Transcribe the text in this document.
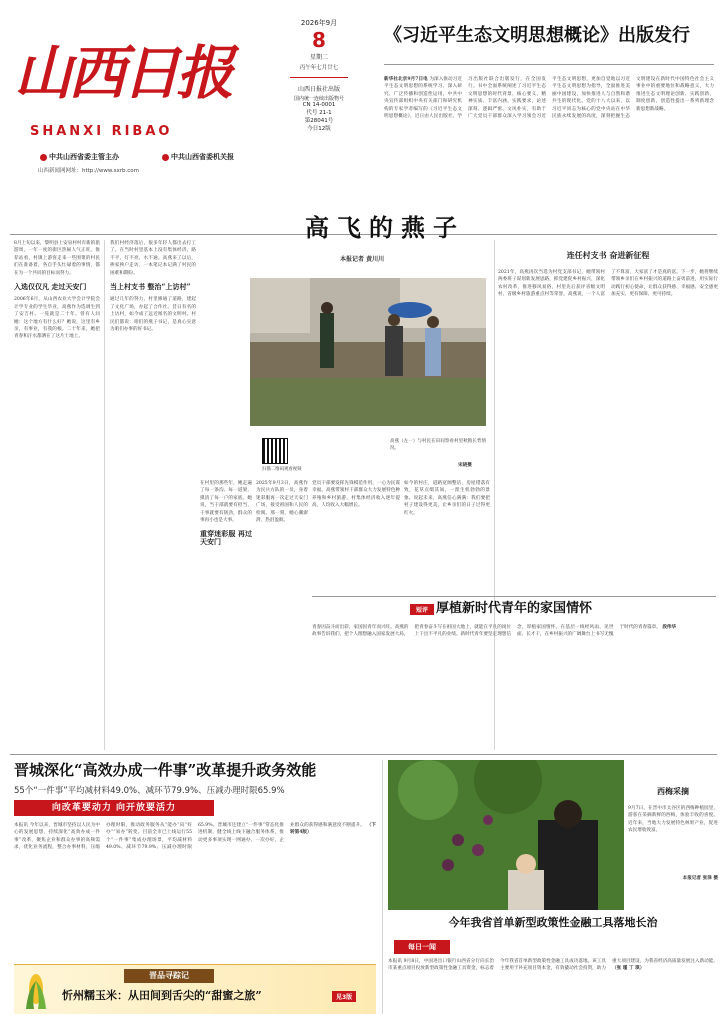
山西日报
SHANXI RIBAO
中共山西省委主管主办	中共山西省委机关报
山西新闻网网址：http://www.sxrb.com
2026年9月
8
星期二
丙午年七月廿七
山西日报社出版
国内统一连续出版物号
CN 14-0001
代号 21-1
第28041号
今日12版
《习近平生态文明思想概论》出版发行
新华社北京9月7日电 为深入推动习近平生态文明思想的系统学习、深入研究、广泛传播和创造性运用，中共中央宣传部组织中央有关部门和研究机构的专家学者编写的《习近平生态文明思想概论》，近日由人民出版社、学习出版社联合出版发行，在全国发行。书中全面系统阐述了习近平生态文明思想的时代背景、核心要义、精神实质、丰富内涵、实践要求，论述深刻、逻辑严密、文风朴实，有助于广大党员干部群众深入学习领会习近平生态文明思想，更加自觉地以习近平生态文明思想为指导，全面推进美丽中国建设，加快推进人与自然和谐共生的现代化。党的十八大以来，以习近平同志为核心的党中央站在中华民族永续发展的高度，深刻把握生态文明建设在新时代中国特色社会主义事业中的重要地位和战略意义，大力推进生态文明理论创新、实践创新、制度创新，创造性提出一系列新理念新思想新战略。
8月上旬以来，黎明县上安泉村村有新的旅游周，一年一度的街区热闹人气正旺。推荐站看，村镇上游客走来一些围菜的村民们在准备着，各自手头忙碌着的事情，都在为一个共同的目标而努力。
入选仅仅凡 走过天安门
2006年6月，从山西农业大学会计学院会计学专业的学生毕业，高燕作为选调生到了安吉村。一晃就是二十年。曾有人问她：这个地方有什么好？她说，这里有乡亲，有事业，有我的根。二十年来，她把青春和汗水都洒在了这片土地上。
我们村经济落后，很多年轻人都出去打工了。在当时村里基本上没有集体经济，路不平、灯不亮、水不通。高燕来了以后，挨家挨户走访，一本笔记本记满了村民的困难和期盼。
当上村支书 整治“上访村”
通过几年的努力，村里修通了道路，建起了文化广场，办起了合作社。昔日有名的上访村，如今成了远近闻名的文明村。村民们都说：咱们的燕子书记，是真心实意为咱们办事的好书记。
高飞的燕子
本报记者 黄川川
扫描二维码观看视频
高燕（左一）与村民在田间察看村里秋粮长势情况。
宋晓摄
在村里的那些年，她走遍了每一条沟、每一道梁，摸清了每一户的家底。她说，当干部就要有担当，干事就要有韧劲，群众的事再小也是大事。
重穿迷彩服 再过天安门
2025年9月3日，高燕作为民兵方队的一员，身着迷彩服再一次走过天安门广场，接受祖国和人民的检阅。那一刻，她心潮澎湃，热泪盈眶。
党员干部要发挥先锋模范作用，一心为民谋幸福。高燕带领村干部群众大力发展特色种养殖和乡村旅游，村集体经济收入逐年提高，人均收入大幅增长。
如今的村庄，道路宽阔整洁，房屋错落有致，花草点缀其间，一派生机勃勃的景象。说起未来，高燕信心满满：我们要把村子建设得更美，让乡亲们的日子过得更红火。
连任村支书 奋进新征程
2021年，高燕再次当选为村党支部书记，她带领村两委班子谋划新发展思路，抓党建促乡村振兴，深化农村改革，推进移风易俗，村里先后获评省级文明村、省级乡村旅游重点村等荣誉。高燕说，一个人富了不算富，大家富了才是真的富。下一步，她将继续带领乡亲们在乡村振兴的道路上奋勇前进，用实际行动践行初心使命，让群众获得感、幸福感、安全感更加充实、更有保障、更可持续。
短评 厚植新时代青年的家国情怀
青春因奋斗而出彩，家国因青年而兴旺。高燕的故事告诉我们，把个人理想融入国家发展大局，把青春奋斗写在祖国大地上，就能在平凡的岗位上干出不平凡的业绩。新时代青年要坚定理想信念，厚植家国情怀，在基层一线经风雨、见世面、长才干，在乡村振兴的广阔舞台上书写无愧于时代的青春篇章。 段伟华
晋城深化“高效办成一件事”改革提升政务效能
55个“一件事”平均减材料49.0%、减环节79.9%、压减办理时限65.9%
向改革要动力 向开放要活力
本报讯 今年以来，晋城市坚持以人民为中心的发展思想，持续深化“高效办成一件事”改革，聚焦企业和群众办事的高频需求，优化业务流程，整合办事材料，压缩办理时限，推动政务服务从“能办”向“好办”“易办”转变。目前全市已上线运行55个“一件事”集成办理场景，平均减材料49.0%、减环节79.9%、压减办理时限65.9%。晋城市还建立“一件事”常态化推进机制，健全线上线下融合服务体系，推动更多事项实现一网通办、一次办好，企业群众的获得感和满意度不断提升。 （下转第4版）
晋品寻踪记
忻州糯玉米：从田间到舌尖的“甜蜜之旅”	见3版
西梅采摘
9月7日，在晋中市太谷区的西梅种植园里，游客在采摘新鲜的西梅，体验丰收的喜悦。近年来，当地大力发展特色林果产业，促进农民增收致富。
本报记者 张泽 摄
今年我省首单新型政策性金融工具落地长治
每日一闻
本报讯 9月8日，中国进出口银行山西省分行向长治市某重点项目投放新型政策性金融工具资金，标志着今年我省首单新型政策性金融工具成功落地。该工具主要用于补充项目资本金，有效撬动社会投资，助力重大项目建设，为我省经济高质量发展注入新动能。 （张 瑾 丁 琪）
